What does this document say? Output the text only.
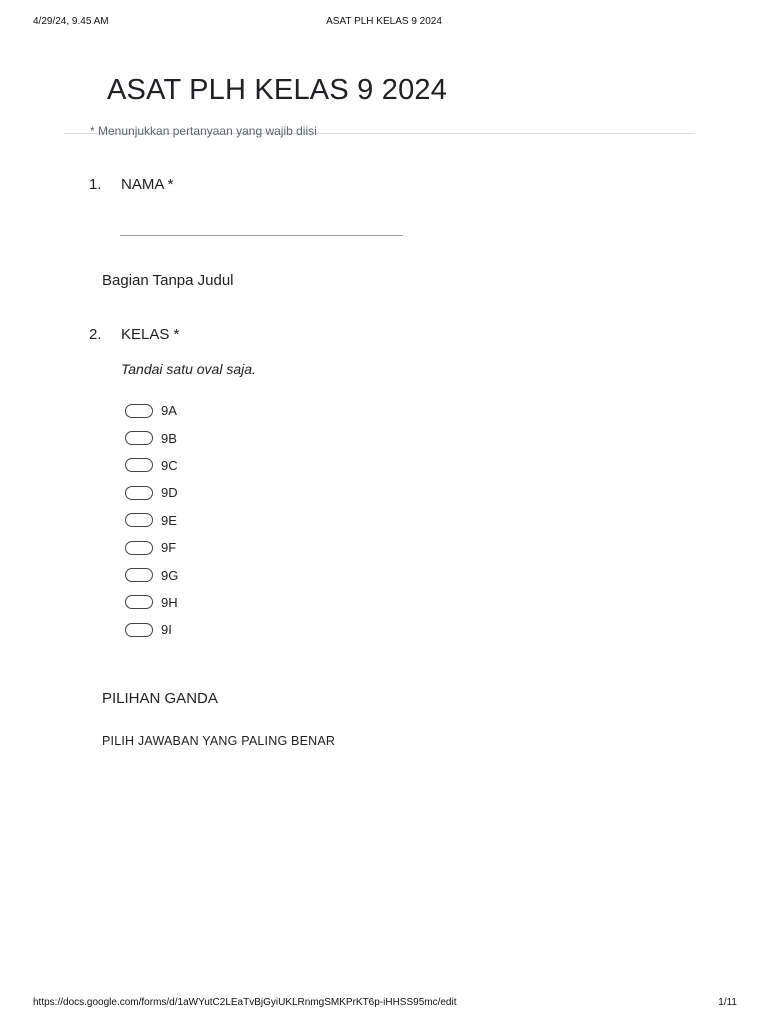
4/29/24, 9.45 AM	ASAT PLH KELAS 9 2024
ASAT PLH KELAS 9 2024
* Menunjukkan pertanyaan yang wajib diisi
1. NAMA *
Bagian Tanpa Judul
2. KELAS *
Tandai satu oval saja.
9A
9B
9C
9D
9E
9F
9G
9H
9I
PILIHAN GANDA
PILIH JAWABAN YANG PALING BENAR
https://docs.google.com/forms/d/1aWYutC2LEaTvBjGyiUKLRnmgSMKPrKT6p-iHHSS95mc/edit	1/11
